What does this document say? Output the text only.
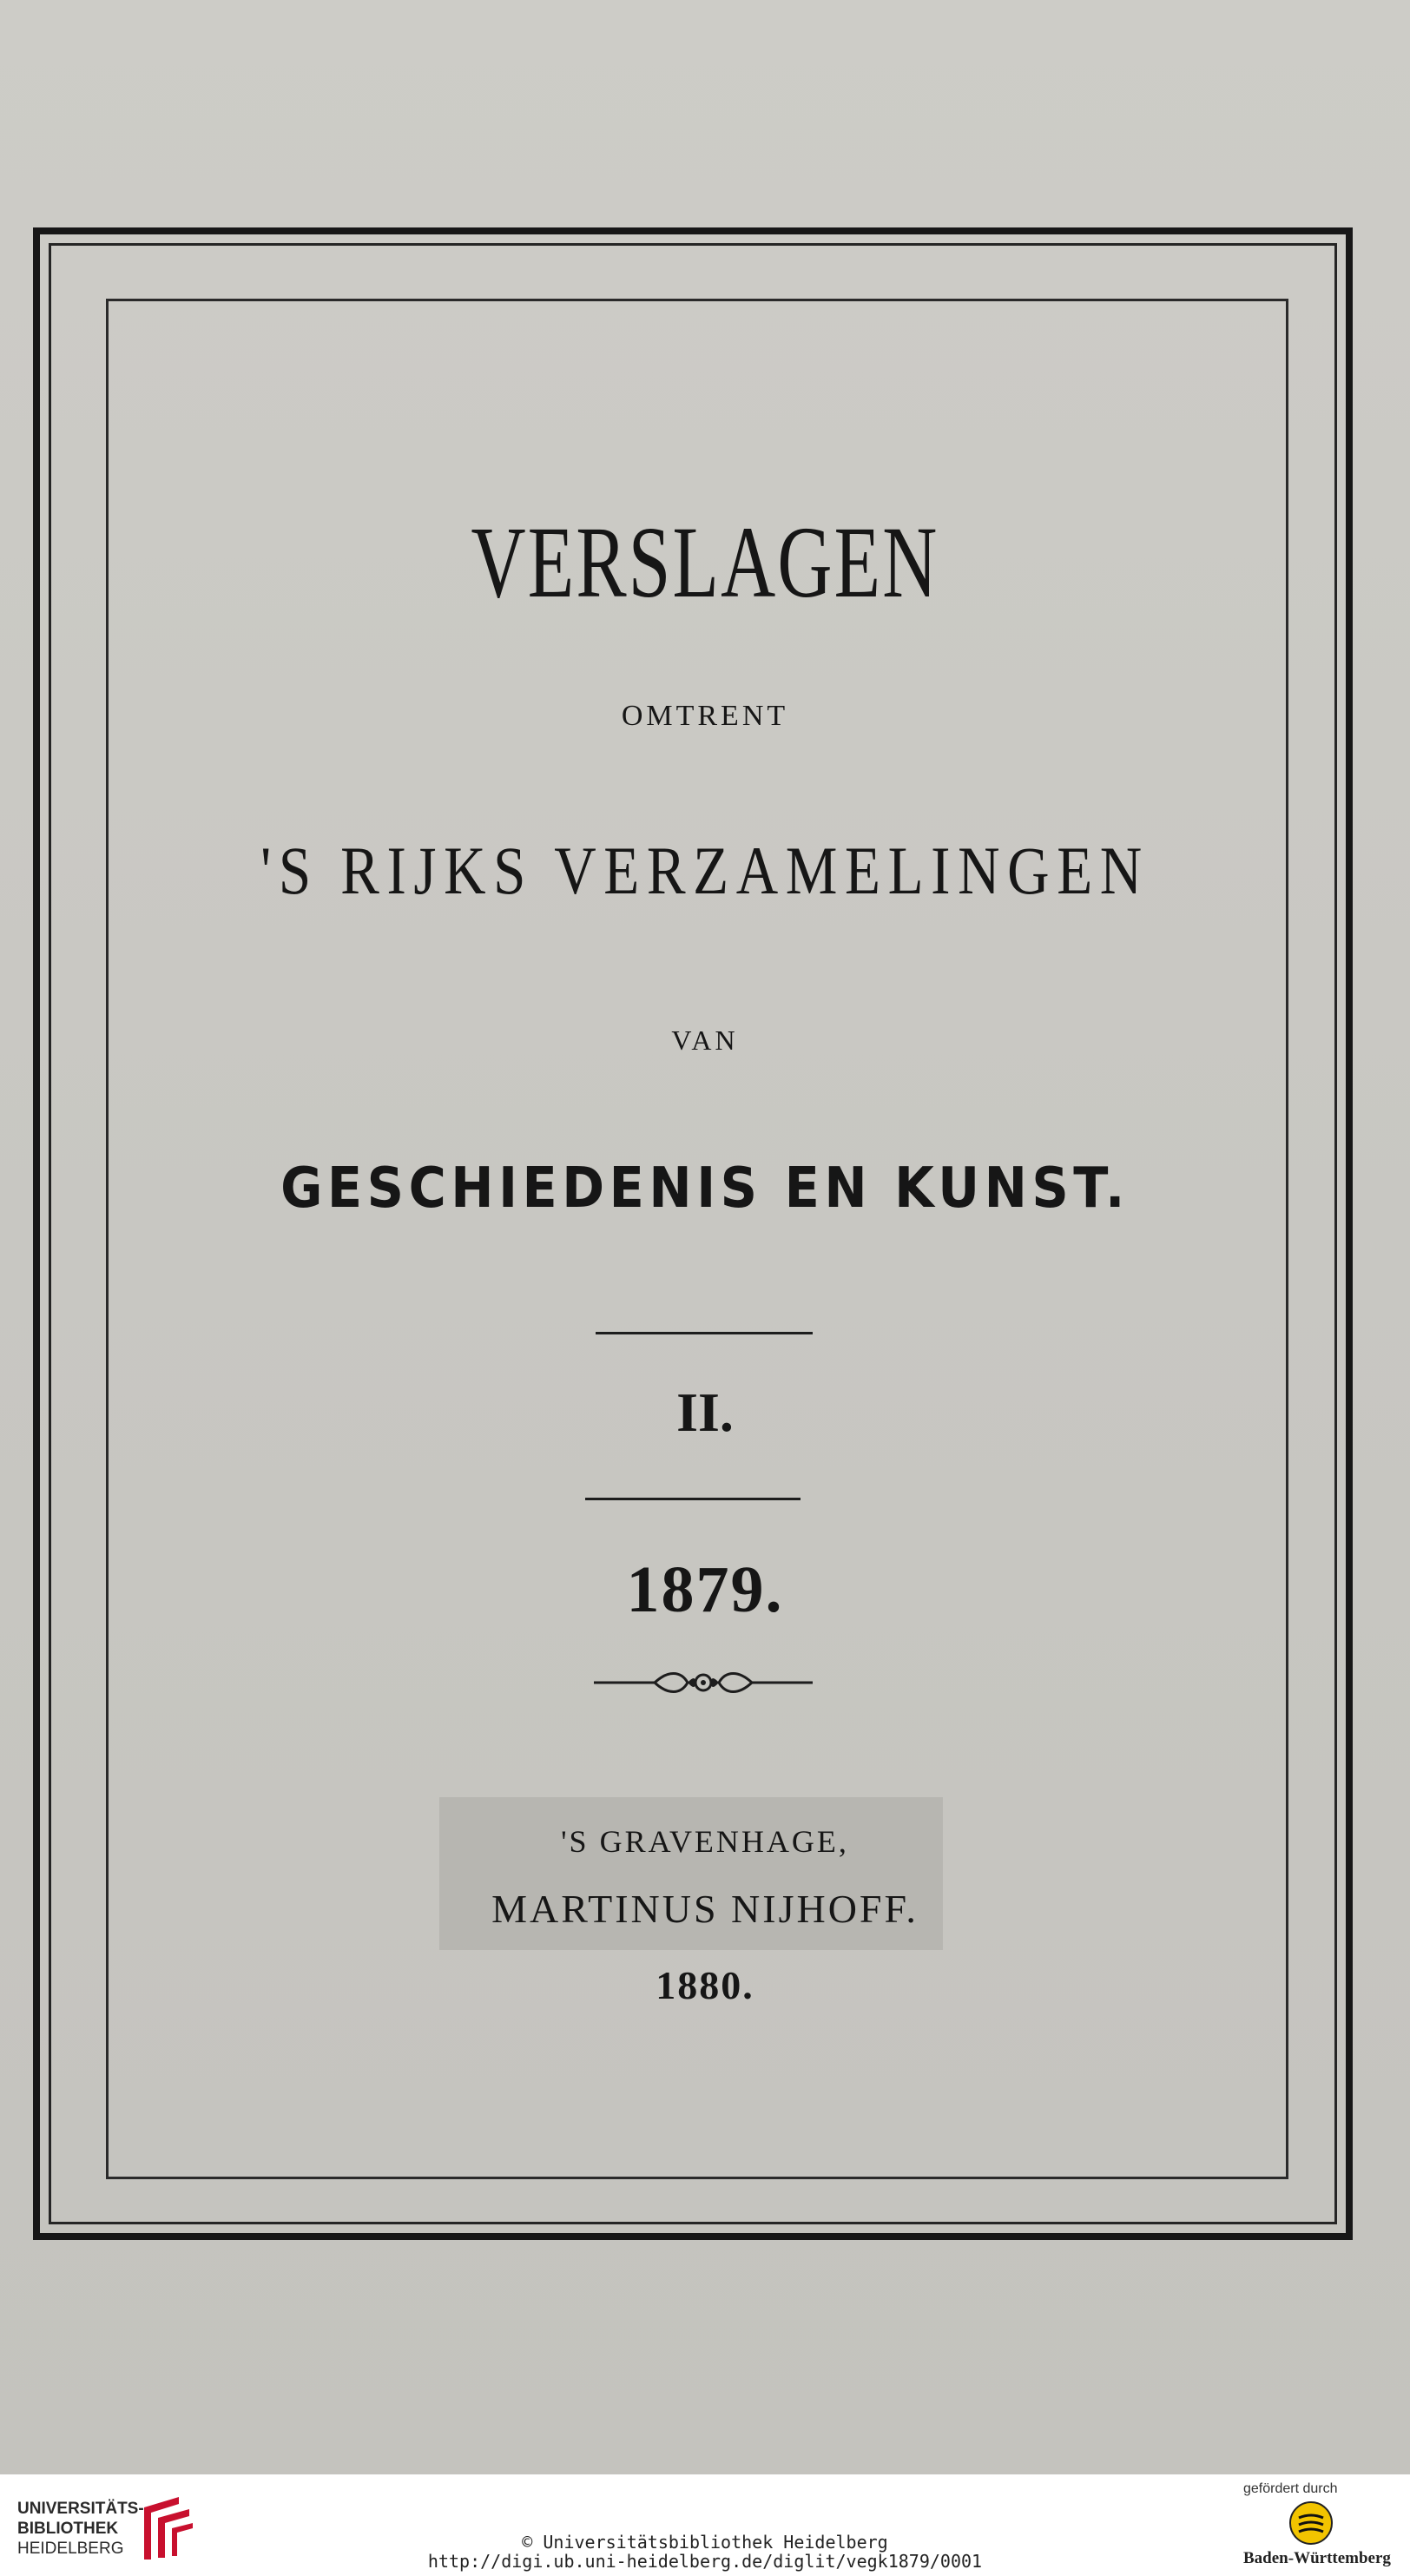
VERSLAGEN
OMTRENT
'S RIJKS VERZAMELINGEN
VAN
GESCHIEDENIS EN KUNST.
II.
1879.
'S GRAVENHAGE,
MARTINUS NIJHOFF.
1880.
UNIVERSITÄTS-
BIBLIOTHEK
HEIDELBERG	© Universitätsbibliothek Heidelberg
http://digi.ub.uni-heidelberg.de/diglit/vegk1879/0001
gefördert durch
Baden-Württemberg
